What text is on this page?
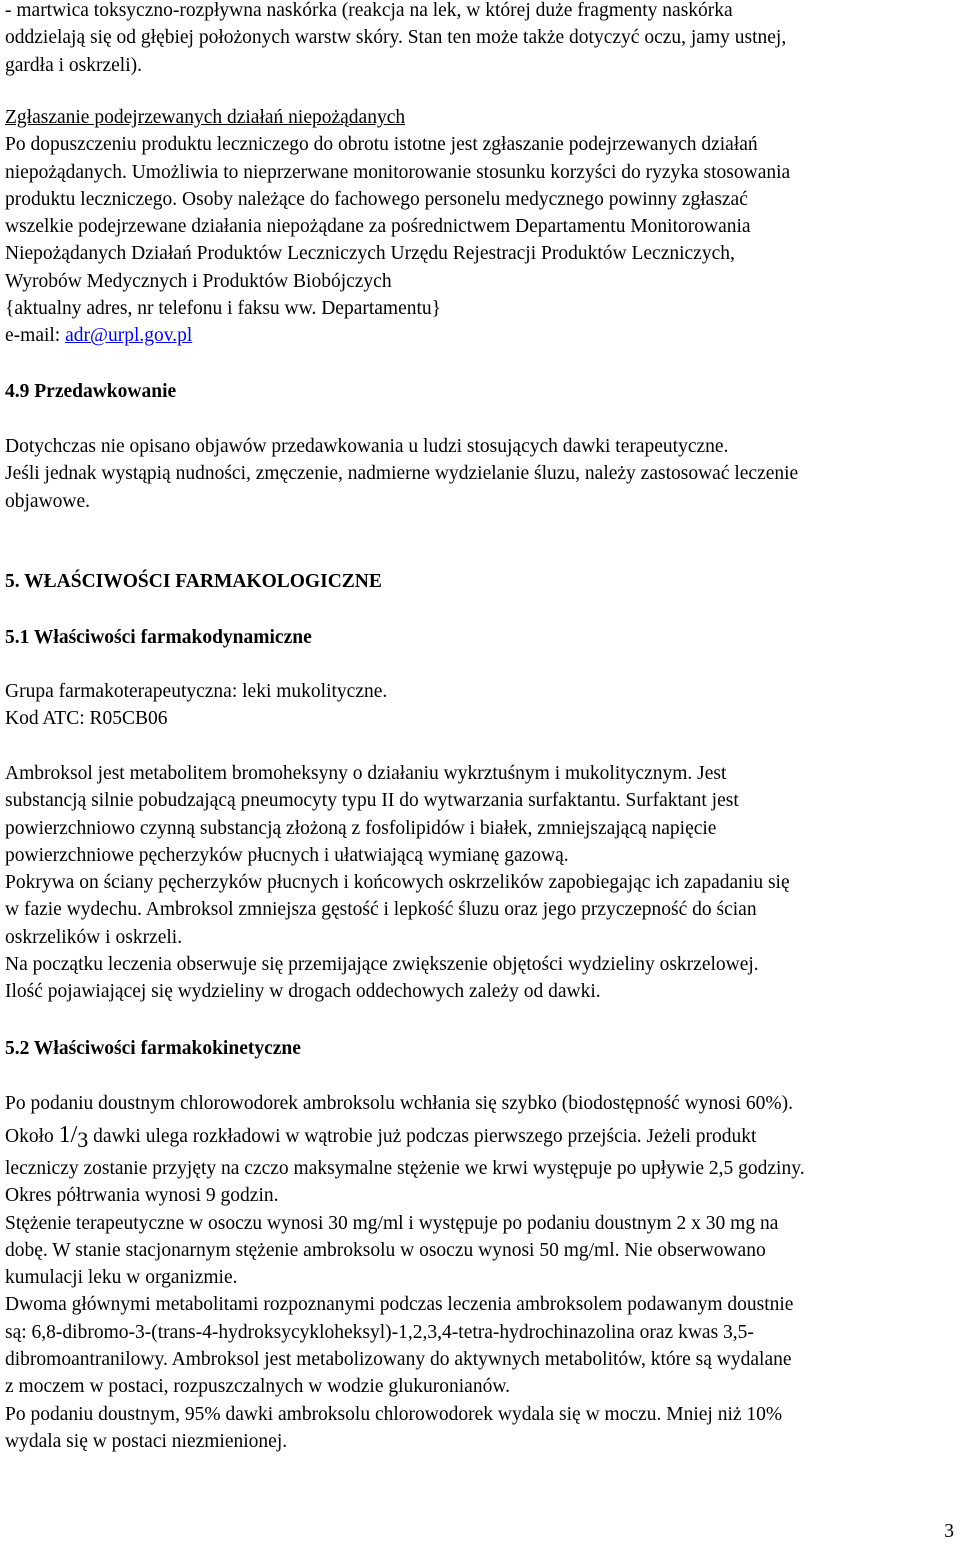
- martwica toksyczno-rozpływna naskórka (reakcja na lek, w której duże fragmenty naskórka
oddzielają się od głębiej położonych warstw skóry. Stan ten może także dotyczyć oczu, jamy ustnej,
gardła i oskrzeli).
Zgłaszanie podejrzewanych działań niepożądanych
Po dopuszczeniu produktu leczniczego do obrotu istotne jest zgłaszanie podejrzewanych działań
niepożądanych. Umożliwia to nieprzerwane monitorowanie stosunku korzyści do ryzyka stosowania
produktu leczniczego. Osoby należące do fachowego personelu medycznego powinny zgłaszać
wszelkie podejrzewane działania niepożądane za pośrednictwem Departamentu Monitorowania
Niepożądanych Działań Produktów Leczniczych Urzędu Rejestracji Produktów Leczniczych,
Wyrobów Medycznych i Produktów Biobójczych
{aktualny adres, nr telefonu i faksu ww. Departamentu}
e-mail: adr@urpl.gov.pl
4.9 Przedawkowanie
Dotychczas nie opisano objawów przedawkowania u ludzi stosujących dawki terapeutyczne.
Jeśli jednak wystąpią nudności, zmęczenie, nadmierne wydzielanie śluzu, należy zastosować leczenie
objawowe.
5. WŁAŚCIWOŚCI FARMAKOLOGICZNE
5.1 Właściwości farmakodynamiczne
Grupa farmakoterapeutyczna: leki mukolityczne.
Kod ATC: R05CB06
Ambroksol jest metabolitem bromoheksyny o działaniu wykrztuśnym i mukolitycznym. Jest
substancją silnie pobudzającą pneumocyty typu II do wytwarzania surfaktantu. Surfaktant jest
powierzchniowo czynną substancją złożoną z fosfolipidów i białek, zmniejszającą napięcie
powierzchniowe pęcherzyków płucnych i ułatwiającą wymianę gazową.
Pokrywa on ściany pęcherzyków płucnych i końcowych oskrzelików zapobiegając ich zapadaniu się
w fazie wydechu. Ambroksol zmniejsza gęstość i lepkość śluzu oraz jego przyczepność do ścian
oskrzelików i oskrzeli.
Na początku leczenia obserwuje się przemijające zwiększenie objętości wydzieliny oskrzelowej.
Ilość pojawiającej się wydzieliny w drogach oddechowych zależy od dawki.
5.2 Właściwości farmakokinetyczne
Po podaniu doustnym chlorowodorek ambroksolu wchłania się szybko (biodostępność wynosi 60%).
Około 1/3 dawki ulega rozkładowi w wątrobie już podczas pierwszego przejścia. Jeżeli produkt
leczniczy zostanie przyjęty na czczo maksymalne stężenie we krwi występuje po upływie 2,5 godziny.
Okres półtrwania wynosi 9 godzin.
Stężenie terapeutyczne w osoczu wynosi 30 mg/ml i występuje po podaniu doustnym 2 x 30 mg na
dobę. W stanie stacjonarnym stężenie ambroksolu w osoczu wynosi 50 mg/ml. Nie obserwowano
kumulacji leku w organizmie.
Dwoma głównymi metabolitami rozpoznanymi podczas leczenia ambroksolem podawanym doustnie
są: 6,8-dibromo-3-(trans-4-hydroksycykloheksyl)-1,2,3,4-tetra-hydrochinazolina oraz kwas 3,5-
dibromoantranilowy. Ambroksol jest metabolizowany do aktywnych metabolitów, które są wydalane
z moczem w postaci, rozpuszczalnych w wodzie glukuronianów.
Po podaniu doustnym, 95% dawki ambroksolu chlorowodorek wydala się w moczu. Mniej niż 10%
wydala się w postaci niezmienionej.
3
